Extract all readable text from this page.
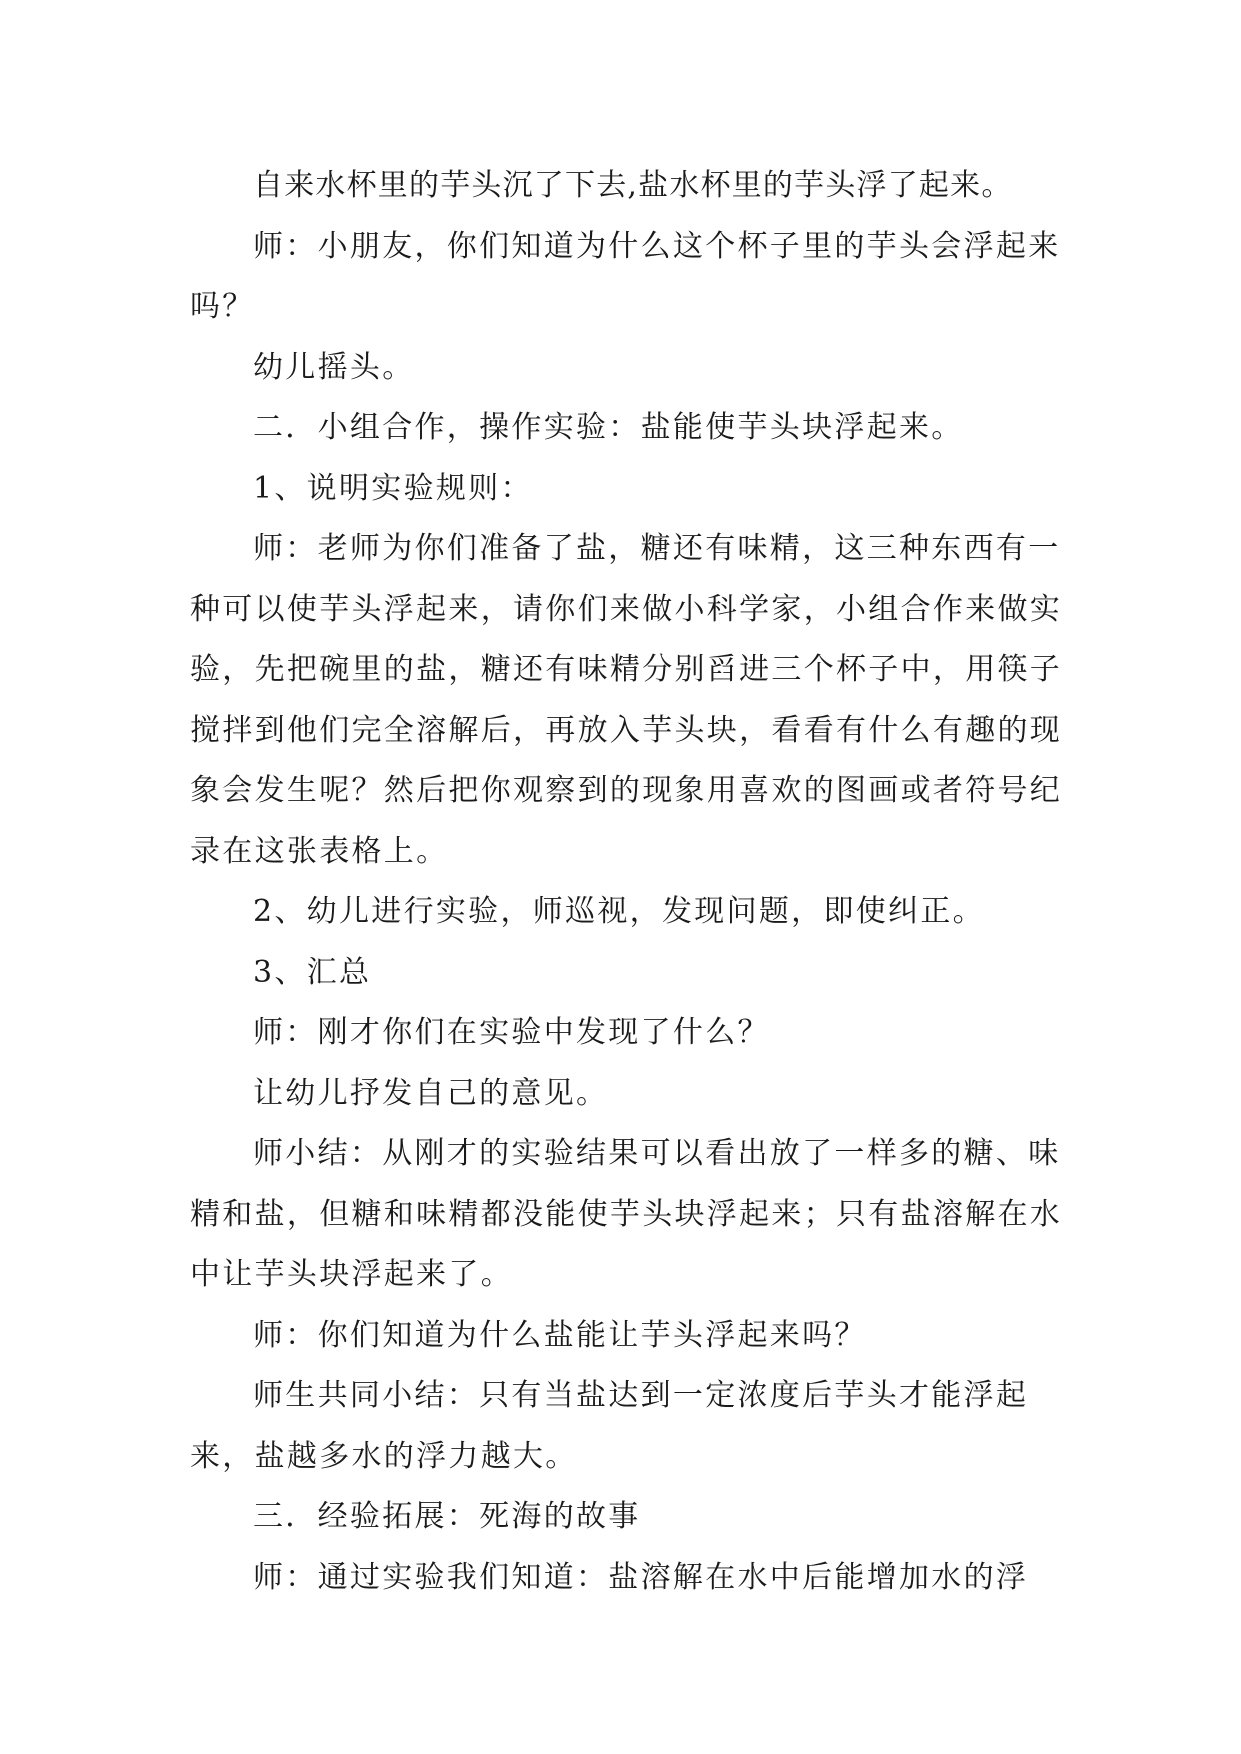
自来水杯里的芋头沉了下去,盐水杯里的芋头浮了起来。

师：小朋友，你们知道为什么这个杯子里的芋头会浮起来吗？

幼儿摇头。

二．小组合作，操作实验：盐能使芋头块浮起来。

1、说明实验规则：

师：老师为你们准备了盐，糖还有味精，这三种东西有一种可以使芋头浮起来，请你们来做小科学家，小组合作来做实验，先把碗里的盐，糖还有味精分别舀进三个杯子中，用筷子搅拌到他们完全溶解后，再放入芋头块，看看有什么有趣的现象会发生呢？然后把你观察到的现象用喜欢的图画或者符号纪录在这张表格上。

2、幼儿进行实验，师巡视，发现问题，即使纠正。

3、汇总

师：刚才你们在实验中发现了什么？

让幼儿抒发自己的意见。

师小结：从刚才的实验结果可以看出放了一样多的糖、味精和盐，但糖和味精都没能使芋头块浮起来；只有盐溶解在水中让芋头块浮起来了。

师：你们知道为什么盐能让芋头浮起来吗？

师生共同小结：只有当盐达到一定浓度后芋头才能浮起来，盐越多水的浮力越大。

三．经验拓展：死海的故事

师：通过实验我们知道：盐溶解在水中后能增加水的浮
